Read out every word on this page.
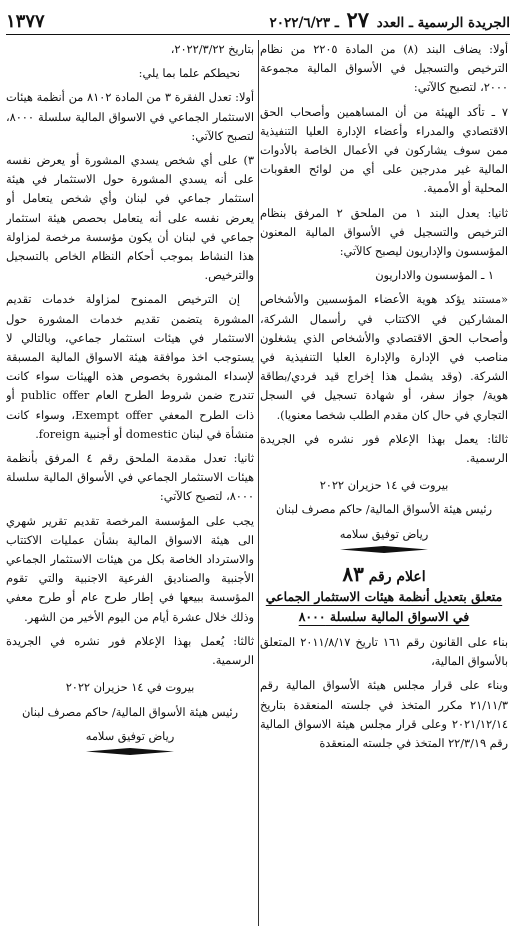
الجريدة الرسمية ـ العدد ٢٧ ـ ٢٠٢٢/٦/٢٣
١٣٧٧

أولا: يضاف البند (٨) من المادة ٢٢٠٥ من نظام الترخيص والتسجيل في الأسواق المالية مجموعة ٢٠٠٠، لتصبح كالآتي:

٧ ـ تأكد الهيئة من أن المساهمين وأصحاب الحق الاقتصادي والمدراء وأعضاء الإدارة العليا التنفيذية ممن سوف يشاركون في الأعمال الخاصة بالأدوات المالية غير مدرجين على أي من لوائح العقوبات المحلية أو الأممية.

ثانيا: يعدل البند ١ من الملحق ٢ المرفق بنظام الترخيص والتسجيل في الأسواق المالية المعنون المؤسسون والإداريون ليصبح كالآتي:

١ ـ المؤسسون والاداريون

«مستند يؤكد هوية الأعضاء المؤسسين والأشخاص المشاركين في الاكتتاب في رأسمال الشركة، وأصحاب الحق الاقتصادي والأشخاص الذي يشغلون مناصب في الإدارة والإدارة العليا التنفيذية في الشركة. (وقد يشمل هذا إخراج قيد فردي/بطاقة هوية/ جواز سفر، أو شهادة تسجيل في السجل التجاري في حال كان مقدم الطلب شخصا معنويا).

ثالثا: يعمل بهذا الإعلام فور نشره في الجريدة الرسمية.

بيروت في ١٤ حزيران ٢٠٢٢

رئيس هيئة الأسواق المالية/ حاكم مصرف لبنان

رياض توفيق سلامه

اعلام رقم ٨٣
متعلق بتعديل أنظمة هيئات الاستثمار الجماعي
في الاسواق المالية سلسلة ٨٠٠٠

بناء على القانون رقم ١٦١ تاريخ ٢٠١١/٨/١٧ المتعلق بالأسواق المالية،

وبناء على قرار مجلس هيئة الأسواق المالية رقم ٢١/١١/٣ مكرر المتخذ في جلسته المنعقدة بتاريخ ٢٠٢١/١٢/١٤ وعلى قرار مجلس هيئة الاسواق المالية رقم ٢٢/٣/١٩ المتخذ في جلسته المنعقدة

بتاريخ ٢٠٢٢/٣/٢٢،

نحيطكم علما بما يلي:

أولا: تعدل الفقرة ٣ من المادة ٨١٠٢ من أنظمة هيئات الاستثمار الجماعي في الاسواق المالية سلسلة ٨٠٠٠، لتصبح كالآتي:

٣) على أي شخص يسدي المشورة أو يعرض نفسه على أنه يسدي المشورة حول الاستثمار في هيئة استثمار جماعي في لبنان وأي شخص يتعامل أو يعرض نفسه على أنه يتعامل بحصص هيئة استثمار جماعي في لبنان أن يكون مؤسسة مرخصة لمزاولة هذا النشاط بموجب أحكام النظام الخاص بالتسجيل والترخيص.

إن الترخيص الممنوح لمزاولة خدمات تقديم المشورة يتضمن تقديم خدمات المشورة حول الاستثمار في هيئات استثمار جماعي، وبالتالي لا يستوجب اخذ موافقة هيئة الاسواق المالية المسبقة لإسداء المشورة بخصوص هذه الهيئات سواء كانت تندرج ضمن شروط الطرح العام public offer أو ذات الطرح المعفي Exempt offer، وسواء كانت منشأة في لبنان domestic أو أجنبية foreign.

ثانيا: تعدل مقدمة الملحق رقم ٤ المرفق بأنظمة هيئات الاستثمار الجماعي في الأسواق المالية سلسلة ٨٠٠٠، لتصبح كالآتي:

يجب على المؤسسة المرخصة تقديم تقرير شهري الى هيئة الاسواق المالية بشأن عمليات الاكتتاب والاسترداد الخاصة بكل من هيئات الاستثمار الجماعي الأجنبية والصناديق الفرعية الاجنبية والتي تقوم المؤسسة ببيعها في إطار طرح عام أو طرح معفي وذلك خلال عشرة أيام من اليوم الأخير من الشهر.

ثالثا: يُعمل بهذا الإعلام فور نشره في الجريدة الرسمية.

بيروت في ١٤ حزيران ٢٠٢٢

رئيس هيئة الأسواق المالية/ حاكم مصرف لبنان

رياض توفيق سلامه
